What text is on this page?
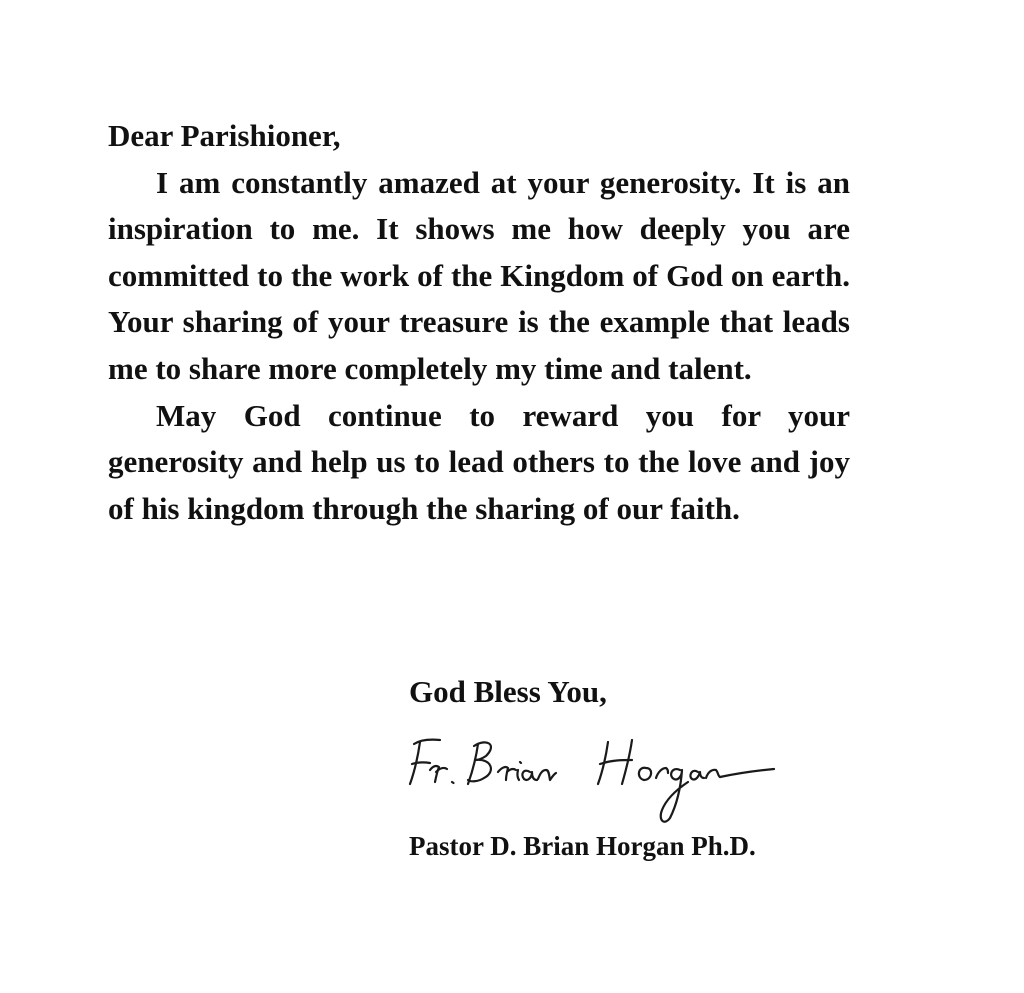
Dear Parishioner,

I am constantly amazed at your generosity. It is an inspiration to me. It shows me how deeply you are committed to the work of the Kingdom of God on earth. Your sharing of your treasure is the example that leads me to share more completely my time and talent.

May God continue to reward you for your generosity and help us to lead others to the love and joy of his kingdom through the sharing of our faith.

God Bless You,

Pastor D. Brian Horgan Ph.D.
